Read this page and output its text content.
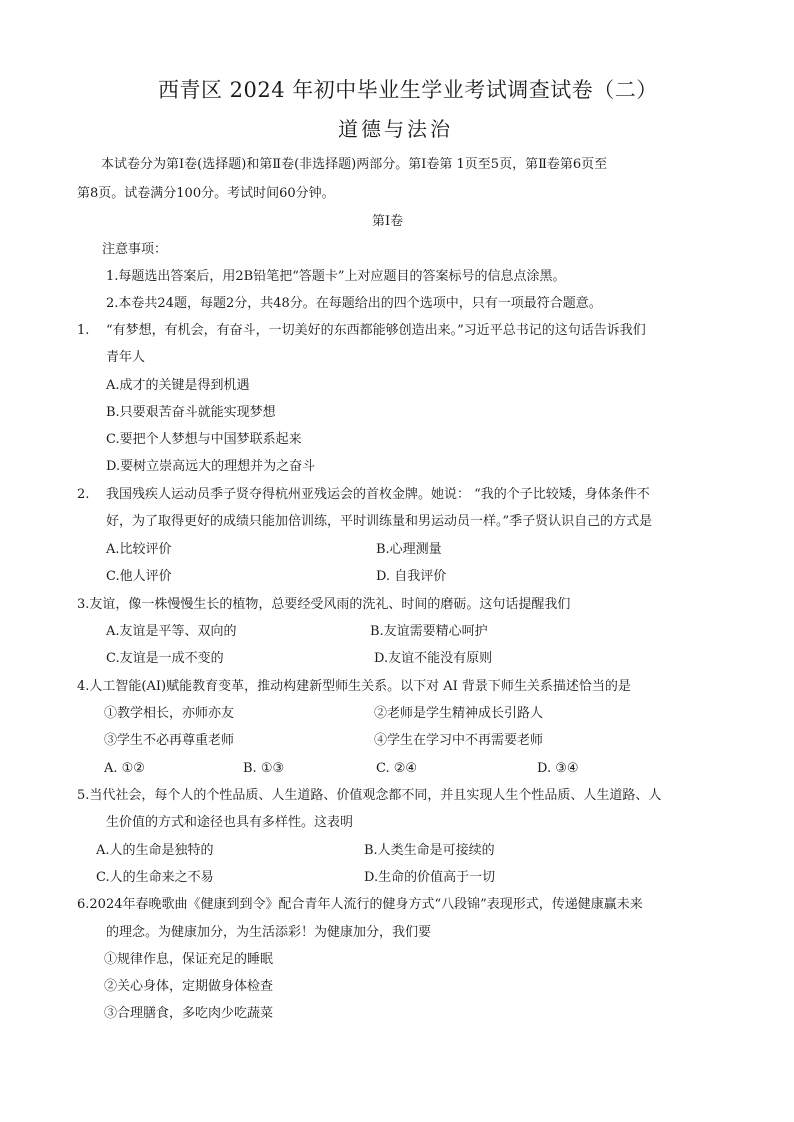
西青区 2024 年初中毕业生学业考试调查试卷（二）
道德与法治
本试卷分为第Ⅰ卷(选择题)和第Ⅱ卷(非选择题)两部分。第Ⅰ卷第 1页至5页，第Ⅱ卷第6页至
第8页。试卷满分100分。考试时间60分钟。
第Ⅰ卷
注意事项：
1.每题选出答案后，用2B铅笔把“答题卡”上对应题目的答案标号的信息点涂黑。
2.本卷共24题，每题2分，共48分。在每题给出的四个选项中，只有一项最符合题意。
1. “有梦想，有机会，有奋斗，一切美好的东西都能够创造出来。”习近平总书记的这句话告诉我们
青年人
A.成才的关键是得到机遇
B.只要艰苦奋斗就能实现梦想
C.要把个人梦想与中国梦联系起来
D.要树立崇高远大的理想并为之奋斗
2. 我国残疾人运动员季子贤夺得杭州亚残运会的首枚金牌。她说： “我的个子比较矮，身体条件不
好，为了取得更好的成绩只能加倍训练，平时训练量和男运动员一样。”季子贤认识自己的方式是
A.比较评价	B.心理测量
C.他人评价	D. 自我评价
3.友谊，像一株慢慢生长的植物，总要经受风雨的洗礼、时间的磨砺。这句话提醒我们
A.友谊是平等、双向的	B.友谊需要精心呵护
C.友谊是一成不变的	D.友谊不能没有原则
4.人工智能(AI)赋能教育变革，推动构建新型师生关系。以下对 AI 背景下师生关系描述恰当的是
①教学相长，亦师亦友	②老师是学生精神成长引路人
③学生不必再尊重老师	④学生在学习中不再需要老师
A. ①②	B. ①③	C. ②④	D. ③④
5.当代社会，每个人的个性品质、人生道路、价值观念都不同，并且实现人生个性品质、人生道路、人
生价值的方式和途径也具有多样性。这表明
A.人的生命是独特的	B.人类生命是可接续的
C.人的生命来之不易	D.生命的价值高于一切
6.2024年春晚歌曲《健康到到令》配合青年人流行的健身方式“八段锦”表现形式，传递健康赢未来
的理念。为健康加分，为生活添彩！为健康加分，我们要
①规律作息，保证充足的睡眠
②关心身体，定期做身体检查
③合理膳食，多吃肉少吃蔬菜
